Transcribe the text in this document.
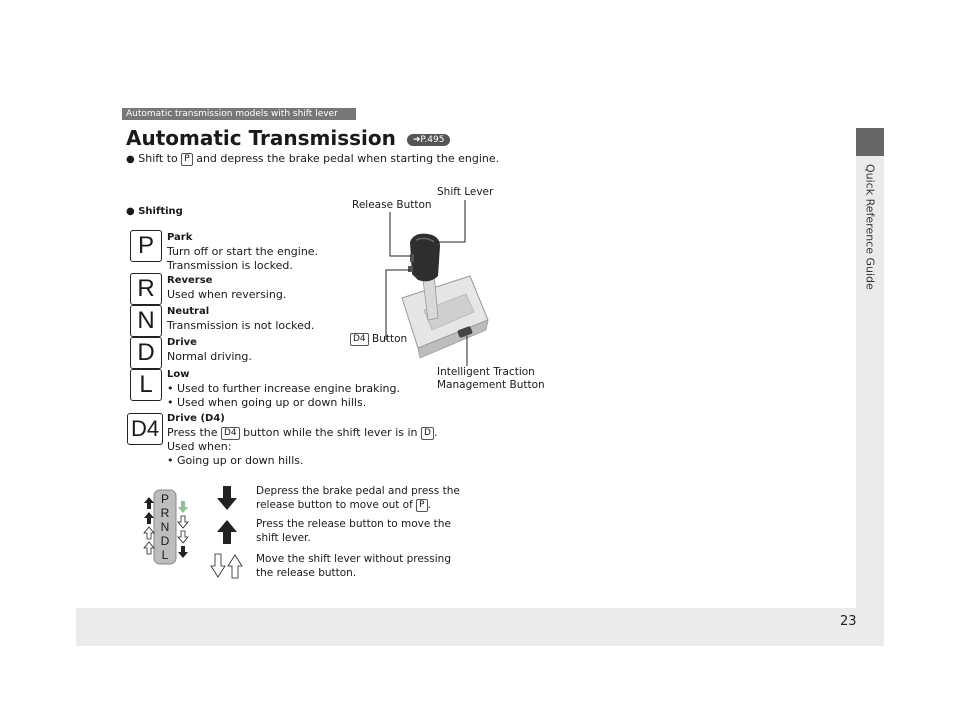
Quick Reference Guide
23
Automatic transmission models with shift lever
Automatic Transmission ➜P.495
● Shift to P and depress the brake pedal when starting the engine.
● Shifting
P
R
N
D
L
D4
Park
Turn off or start the engine.
Transmission is locked.
Reverse
Used when reversing.
Neutral
Transmission is not locked.
Drive
Normal driving.
Low
• Used to further increase engine braking.
• Used when going up or down hills.
Drive (D4)
Press the D4 button while the shift lever is in D .
Used when:
• Going up or down hills.
Shift Lever
Release Button
D4 Button
Intelligent Traction
Management Button
P
R
N
D
L
Depress the brake pedal and press the
release button to move out of P .
Press the release button to move the
shift lever.
Move the shift lever without pressing
the release button.
